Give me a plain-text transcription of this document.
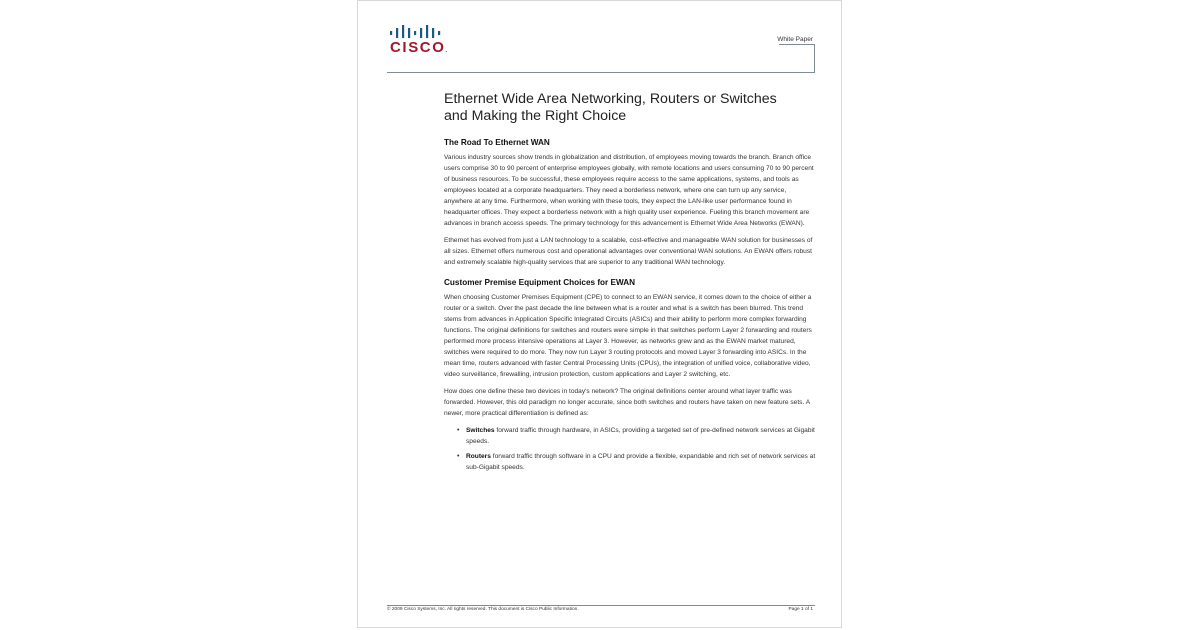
CISCO.
White Paper
Ethernet Wide Area Networking, Routers or Switches
and Making the Right Choice
The Road To Ethernet WAN

Various industry sources show trends in globalization and distribution, of employees moving towards the branch. Branch office users comprise 30 to 90 percent of enterprise employees globally, with remote locations and users consuming 70 to 90 percent of business resources. To be successful, these employees require access to the same applications, systems, and tools as employees located at a corporate headquarters. They need a borderless network, where one can turn up any service, anywhere at any time. Furthermore, when working with these tools, they expect the LAN-like user performance found in headquarter offices. They expect a borderless network with a high quality user experience. Fueling this branch movement are advances in branch access speeds. The primary technology for this advancement is Ethernet Wide Area Networks (EWAN).

Ethernet has evolved from just a LAN technology to a scalable, cost-effective and manageable WAN solution for businesses of all sizes. Ethernet offers numerous cost and operational advantages over conventional WAN solutions. An EWAN offers robust and extremely scalable high-quality services that are superior to any traditional WAN technology.

Customer Premise Equipment Choices for EWAN

When choosing Customer Premises Equipment (CPE) to connect to an EWAN service, it comes down to the choice of either a router or a switch. Over the past decade the line between what is a router and what is a switch has been blurred. This trend stems from advances in Application Specific Integrated Circuits (ASICs) and their ability to perform more complex forwarding functions. The original definitions for switches and routers were simple in that switches perform Layer 2 forwarding and routers performed more process intensive operations at Layer 3. However, as networks grew and as the EWAN market matured, switches were required to do more. They now run Layer 3 routing protocols and moved Layer 3 forwarding into ASICs. In the mean time, routers advanced with faster Central Processing Units (CPUs), the integration of unified voice, collaborative video, video surveillance, firewalling, intrusion protection, custom applications and Layer 2 switching, etc.

How does one define these two devices in today's network? The original definitions center around what layer traffic was forwarded. However, this old paradigm no longer accurate, since both switches and routers have taken on new feature sets. A newer, more practical differentiation is defined as:

• Switches forward traffic through hardware, in ASICs, providing a targeted set of pre-defined network services at Gigabit speeds.
• Routers forward traffic through software in a CPU and provide a flexible, expandable and rich set of network services at sub-Gigabit speeds.
© 2009 Cisco Systems, Inc. All rights reserved. This document is Cisco Public Information.	Page 1 of 1
